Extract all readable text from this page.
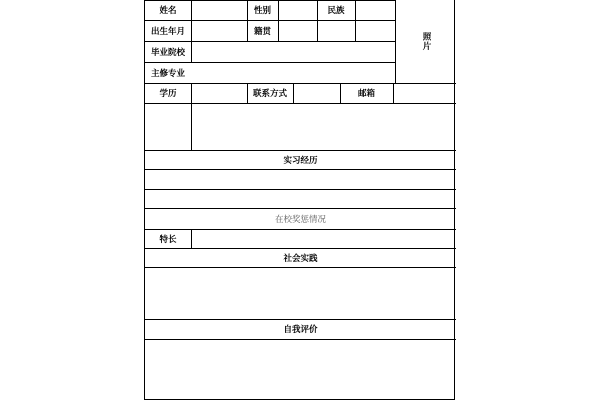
姓名	性别	民族
出生年月	籍贯
毕业院校
主修专业
照片
学历	联系方式	邮箱
实习经历
在校奖惩情况
特长
社会实践
自我评价
